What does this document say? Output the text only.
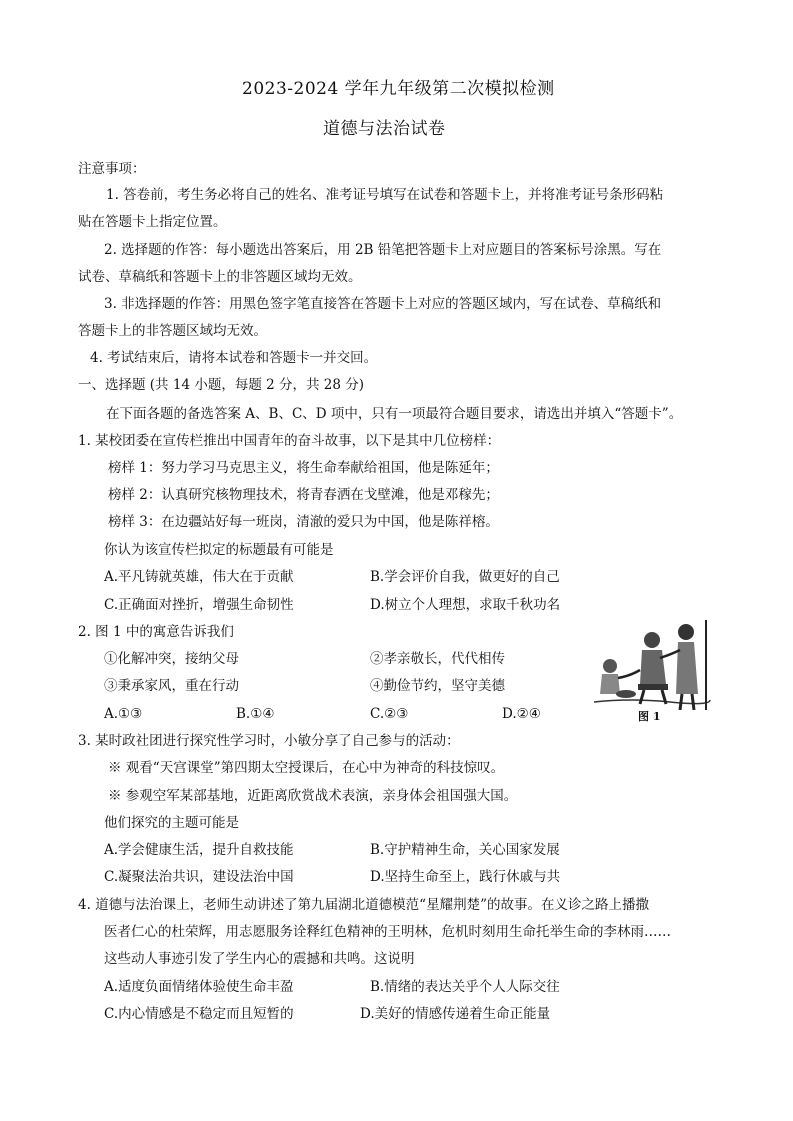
2023-2024 学年九年级第二次模拟检测
道德与法治试卷
注意事项：
1. 答卷前，考生务必将自己的姓名、准考证号填写在试卷和答题卡上，并将准考证号条形码粘
贴在答题卡上指定位置。
2. 选择题的作答：每小题选出答案后，用 2B 铅笔把答题卡上对应题目的答案标号涂黑。写在
试卷、草稿纸和答题卡上的非答题区域均无效。
3. 非选择题的作答：用黑色签字笔直接答在答题卡上对应的答题区域内，写在试卷、草稿纸和
答题卡上的非答题区域均无效。
4. 考试结束后，请将本试卷和答题卡一并交回。
一、选择题 (共 14 小题，每题 2 分，共 28 分)
在下面各题的备选答案 A、B、C、D 项中，只有一项最符合题目要求，请选出并填入“答题卡”。
1. 某校团委在宣传栏推出中国青年的奋斗故事，以下是其中几位榜样：
榜样 1：努力学习马克思主义，将生命奉献给祖国，他是陈延年；
榜样 2：认真研究核物理技术，将青春洒在戈壁滩，他是邓稼先；
榜样 3：在边疆站好每一班岗，清澈的爱只为中国，他是陈祥榕。
你认为该宣传栏拟定的标题最有可能是
A.平凡铸就英雄，伟大在于贡献	B.学会评价自我，做更好的自己
C.正确面对挫折，增强生命韧性	D.树立个人理想，求取千秋功名
2. 图 1 中的寓意告诉我们
①化解冲突，接纳父母	②孝亲敬长，代代相传
③秉承家风，重在行动	④勤俭节约，坚守美德
A.①③	B.①④	C.②③	D.②④	图 1
3. 某时政社团进行探究性学习时，小敏分享了自己参与的活动：
※ 观看“天宫课堂”第四期太空授课后，在心中为神奇的科技惊叹。
※ 参观空军某部基地，近距离欣赏战术表演，亲身体会祖国强大国。
他们探究的主题可能是
A.学会健康生活，提升自救技能	B.守护精神生命，关心国家发展
C.凝聚法治共识，建设法治中国	D.坚持生命至上，践行休戚与共
4. 道德与法治课上，老师生动讲述了第九届湖北道德模范“星耀荆楚”的故事。在义诊之路上播撒
医者仁心的杜荣辉，用志愿服务诠释红色精神的王明林，危机时刻用生命托举生命的李林雨……
这些动人事迹引发了学生内心的震撼和共鸣。这说明
A.适度负面情绪体验使生命丰盈	B.情绪的表达关乎个人人际交往
C.内心情感是不稳定而且短暂的	D.美好的情感传递着生命正能量
